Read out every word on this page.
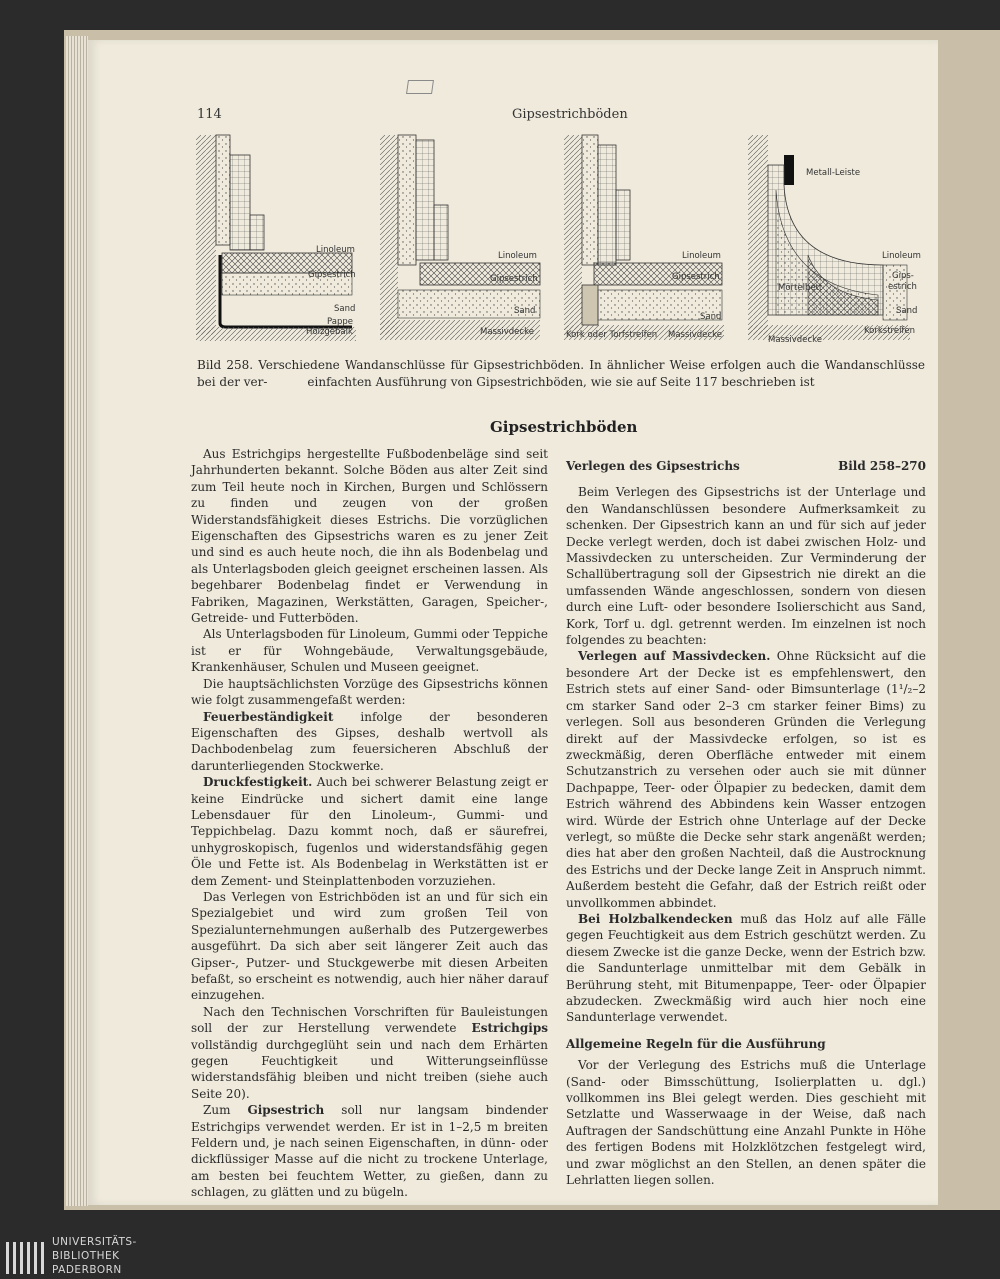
114	Gipsestrichböden
Linoleum
Gipsestrich
Sand
Pappe
Holzgebalk
Linoleum
Gipsestrich
Sand
Massivdecke
Linoleum
Gipsestrich
Sand
Kork oder Torfstreifen Massivdecke
Metall-Leiste
Linoleum
Gips-
estrich
Mörtelbett
Sand
Korkstreifen
Massivdecke
Bild 258. Verschiedene Wandanschlüsse für Gipsestrichböden. In ähnlicher Weise erfolgen auch die Wandanschlüsse bei der ver-	einfachten Ausführung von Gipsestrichböden, wie sie auf Seite 117 beschrieben ist
Gipsestrichböden

Aus Estrichgips hergestellte Fußbodenbeläge sind seit Jahrhunderten bekannt. Solche Böden aus alter Zeit sind zum Teil heute noch in Kirchen, Burgen und Schlössern zu finden und zeugen von der großen Widerstandsfähigkeit dieses Estrichs. Die vorzüglichen Eigenschaften des Gipsestrichs waren es zu jener Zeit und sind es auch heute noch, die ihn als Bodenbelag und als Unterlagsboden gleich geeignet erscheinen lassen. Als begehbarer Bodenbelag findet er Verwendung in Fabriken, Magazinen, Werkstätten, Garagen, Speicher-, Getreide- und Futterböden.

Als Unterlagsboden für Linoleum, Gummi oder Teppiche ist er für Wohngebäude, Verwaltungsgebäude, Krankenhäuser, Schulen und Museen geeignet.

Die hauptsächlichsten Vorzüge des Gipsestrichs können wie folgt zusammengefaßt werden:

Feuerbeständigkeit infolge der besonderen Eigenschaften des Gipses, deshalb wertvoll als Dachbodenbelag zum feuersicheren Abschluß der darunterliegenden Stockwerke.

Druckfestigkeit. Auch bei schwerer Belastung zeigt er keine Eindrücke und sichert damit eine lange Lebensdauer für den Linoleum-, Gummi- und Teppichbelag. Dazu kommt noch, daß er säurefrei, unhygroskopisch, fugenlos und widerstandsfähig gegen Öle und Fette ist. Als Bodenbelag in Werkstätten ist er dem Zement- und Steinplattenboden vorzuziehen.

Das Verlegen von Estrichböden ist an und für sich ein Spezialgebiet und wird zum großen Teil von Spezialunternehmungen außerhalb des Putzergewerbes ausgeführt. Da sich aber seit längerer Zeit auch das Gipser-, Putzer- und Stuckgewerbe mit diesen Arbeiten befaßt, so erscheint es notwendig, auch hier näher darauf einzugehen.

Nach den Technischen Vorschriften für Bauleistungen soll der zur Herstellung verwendete Estrichgips vollständig durchgeglüht sein und nach dem Erhärten gegen Feuchtigkeit und Witterungseinflüsse widerstandsfähig bleiben und nicht treiben (siehe auch Seite 20).

Zum Gipsestrich soll nur langsam bindender Estrichgips verwendet werden. Er ist in 1–2,5 m breiten Feldern und, je nach seinen Eigenschaften, in dünn- oder dickflüssiger Masse auf die nicht zu trockene Unterlage, am besten bei feuchtem Wetter, zu gießen, dann zu schlagen, zu glätten und zu bügeln.

Verlegen des Gipsestrichs	Bild 258–270

Beim Verlegen des Gipsestrichs ist der Unterlage und den Wandanschlüssen besondere Aufmerksamkeit zu schenken. Der Gipsestrich kann an und für sich auf jeder Decke verlegt werden, doch ist dabei zwischen Holz- und Massivdecken zu unterscheiden. Zur Verminderung der Schallübertragung soll der Gipsestrich nie direkt an die umfassenden Wände angeschlossen, sondern von diesen durch eine Luft- oder besondere Isolierschicht aus Sand, Kork, Torf u. dgl. getrennt werden. Im einzelnen ist noch folgendes zu beachten:

Verlegen auf Massivdecken. Ohne Rücksicht auf die besondere Art der Decke ist es empfehlenswert, den Estrich stets auf einer Sand- oder Bimsunterlage (1¹/₂–2 cm starker Sand oder 2–3 cm starker feiner Bims) zu verlegen. Soll aus besonderen Gründen die Verlegung direkt auf der Massivdecke erfolgen, so ist es zweckmäßig, deren Oberfläche entweder mit einem Schutzanstrich zu versehen oder auch sie mit dünner Dachpappe, Teer- oder Ölpapier zu bedecken, damit dem Estrich während des Abbindens kein Wasser entzogen wird. Würde der Estrich ohne Unterlage auf der Decke verlegt, so müßte die Decke sehr stark angenäßt werden; dies hat aber den großen Nachteil, daß die Austrocknung des Estrichs und der Decke lange Zeit in Anspruch nimmt. Außerdem besteht die Gefahr, daß der Estrich reißt oder unvollkommen abbindet.

Bei Holzbalkendecken muß das Holz auf alle Fälle gegen Feuchtigkeit aus dem Estrich geschützt werden. Zu diesem Zwecke ist die ganze Decke, wenn der Estrich bzw. die Sandunterlage unmittelbar mit dem Gebälk in Berührung steht, mit Bitumenpappe, Teer- oder Ölpapier abzudecken. Zweckmäßig wird auch hier noch eine Sandunterlage verwendet.

Allgemeine Regeln für die Ausführung

Vor der Verlegung des Estrichs muß die Unterlage (Sand- oder Bimsschüttung, Isolierplatten u. dgl.) vollkommen ins Blei gelegt werden. Dies geschieht mit Setzlatte und Wasserwaage in der Weise, daß nach Auftragen der Sandschüttung eine Anzahl Punkte in Höhe des fertigen Bodens mit Holzklötzchen festgelegt wird, und zwar möglichst an den Stellen, an denen später die Lehrlatten liegen sollen.

UNIVERSITÄTS-
BIBLIOTHEK
PADERBORN
